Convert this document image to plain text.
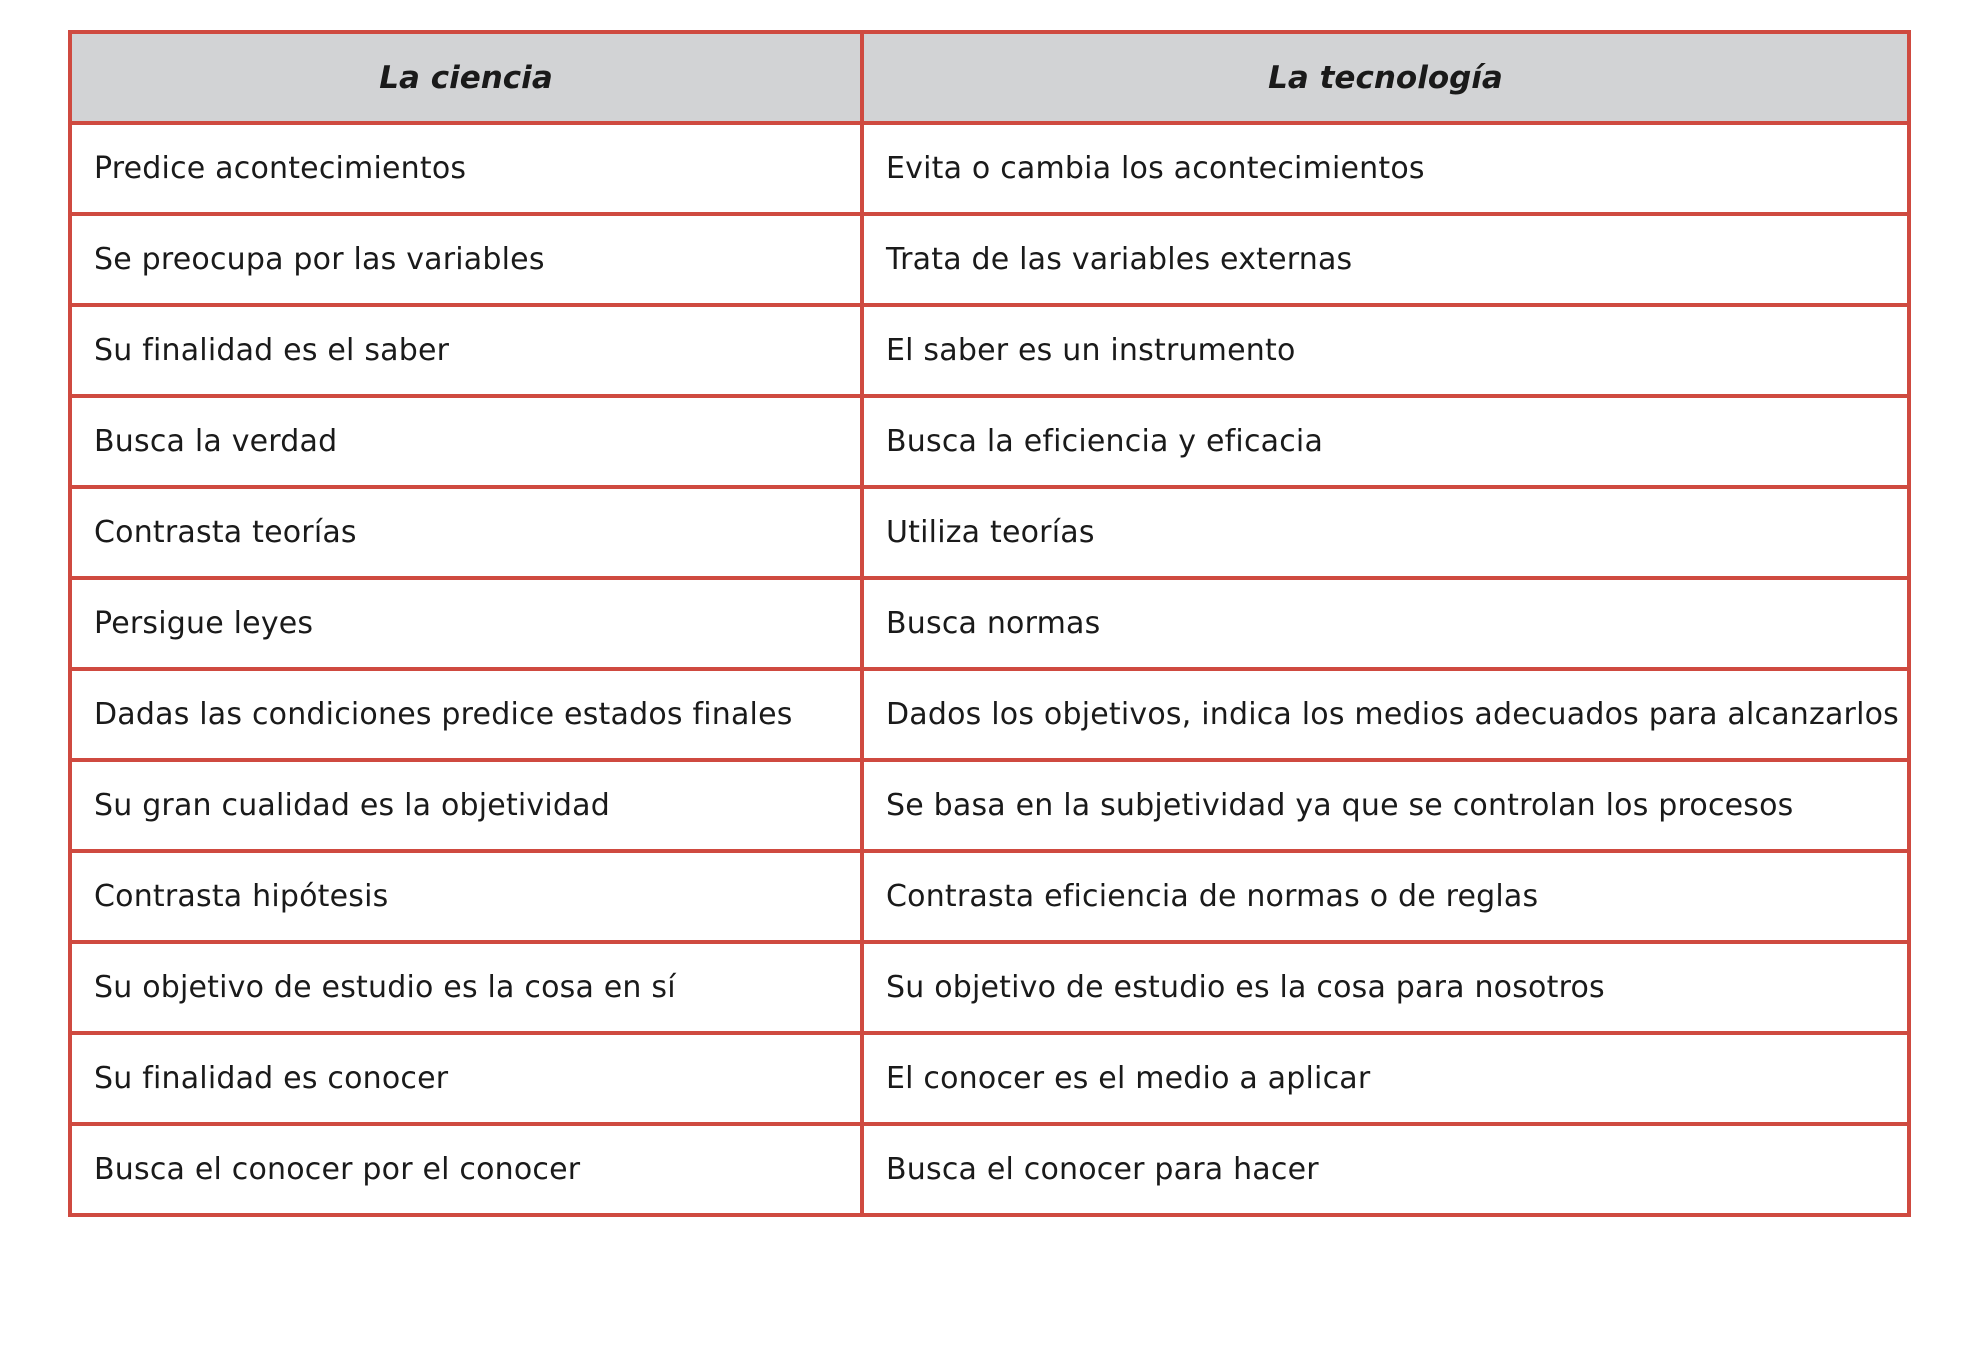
La ciencia	La tecnología
Predice acontecimientos	Evita o cambia los acontecimientos
Se preocupa por las variables	Trata de las variables externas
Su finalidad es el saber	El saber es un instrumento
Busca la verdad	Busca la eficiencia y eficacia
Contrasta teorías	Utiliza teorías
Persigue leyes	Busca normas
Dadas las condiciones predice estados finales	Dados los objetivos, indica los medios adecuados para alcanzarlos
Su gran cualidad es la objetividad	Se basa en la subjetividad ya que se controlan los procesos
Contrasta hipótesis	Contrasta eficiencia de normas o de reglas
Su objetivo de estudio es la cosa en sí	Su objetivo de estudio es la cosa para nosotros
Su finalidad es conocer	El conocer es el medio a aplicar
Busca el conocer por el conocer	Busca el conocer para hacer
